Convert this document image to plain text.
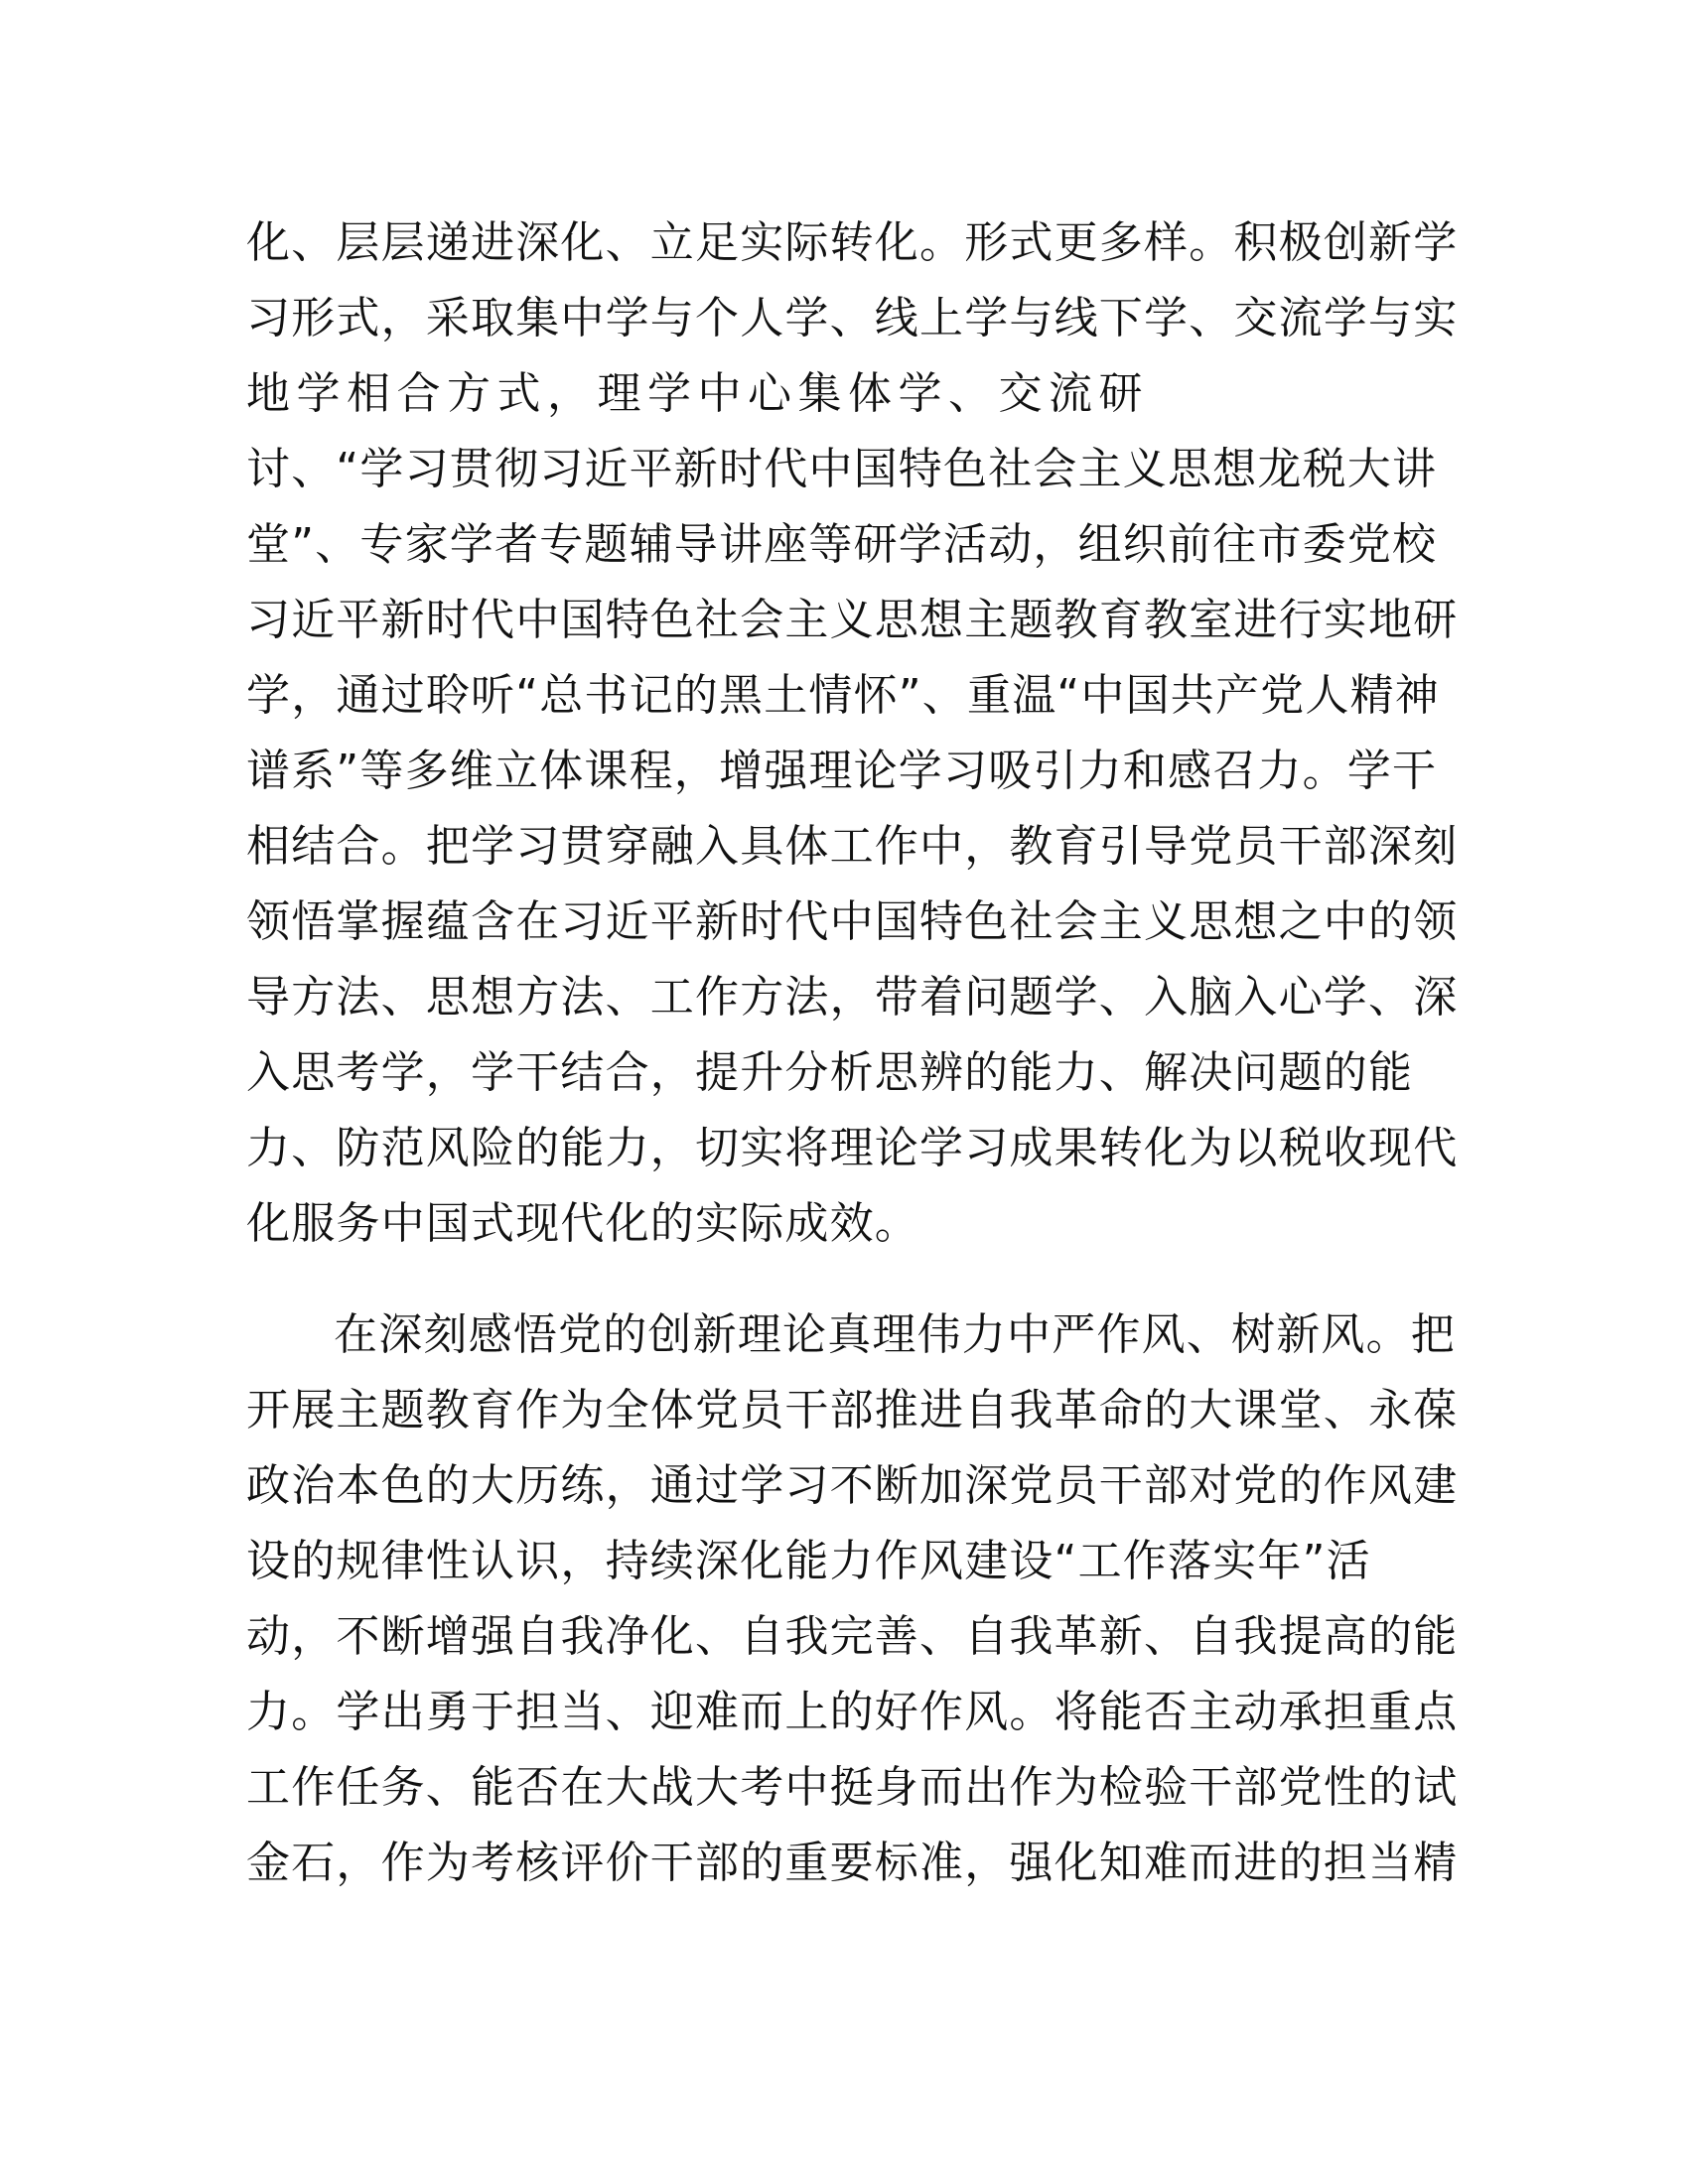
化、层层递进深化、立足实际转化。形式更多样。积极创新学
习形式，采取集中学与个人学、线上学与线下学、交流学与实
地学相合方式，理学中心集体学、交流研
讨、“学习贯彻习近平新时代中国特色社会主义思想龙税大讲
堂”、专家学者专题辅导讲座等研学活动，组织前往市委党校
习近平新时代中国特色社会主义思想主题教育教室进行实地研
学，通过聆听“总书记的黑土情怀”、重温“中国共产党人精神
谱系”等多维立体课程，增强理论学习吸引力和感召力。学干
相结合。把学习贯穿融入具体工作中，教育引导党员干部深刻
领悟掌握蕴含在习近平新时代中国特色社会主义思想之中的领
导方法、思想方法、工作方法，带着问题学、入脑入心学、深
入思考学，学干结合，提升分析思辨的能力、解决问题的能
力、防范风险的能力，切实将理论学习成果转化为以税收现代
化服务中国式现代化的实际成效。
在深刻感悟党的创新理论真理伟力中严作风、树新风。把
开展主题教育作为全体党员干部推进自我革命的大课堂、永葆
政治本色的大历练，通过学习不断加深党员干部对党的作风建
设的规律性认识，持续深化能力作风建设“工作落实年”活
动，不断增强自我净化、自我完善、自我革新、自我提高的能
力。学出勇于担当、迎难而上的好作风。将能否主动承担重点
工作任务、能否在大战大考中挺身而出作为检验干部党性的试
金石，作为考核评价干部的重要标准，强化知难而进的担当精
